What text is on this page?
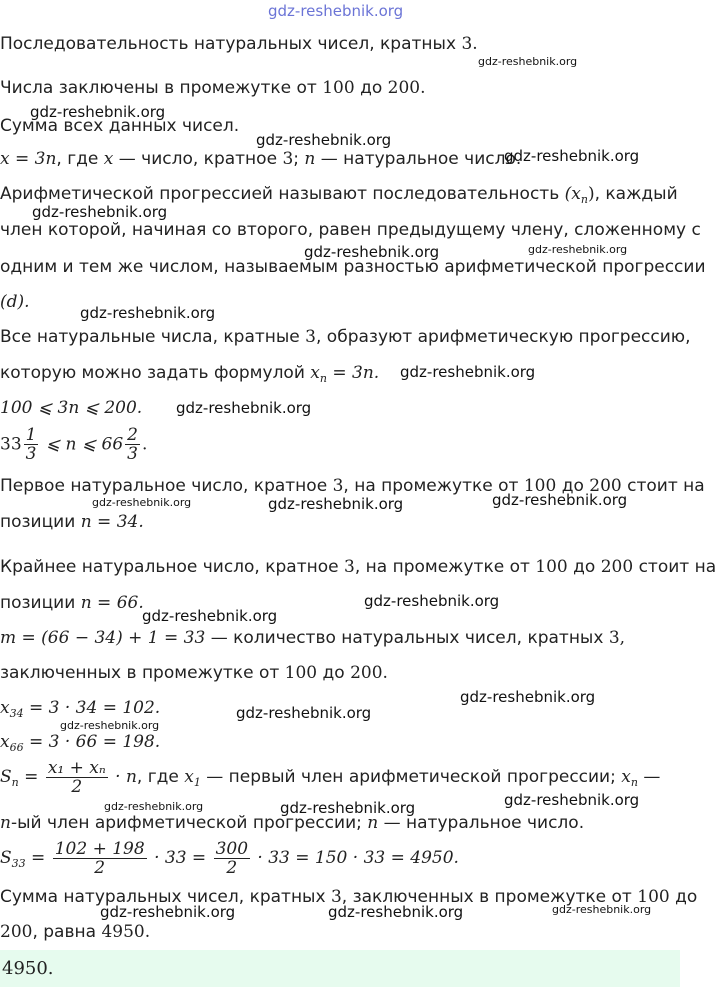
gdz-reshebnik.org
Последовательность натуральных чисел, кратных 3.
gdz-reshebnik.org
Числа заключены в промежутке от 100 до 200.
gdz-reshebnik.org
Сумма всех данных чисел.
gdz-reshebnik.org
x = 3n, где x — число, кратное 3; n — натуральное число.
gdz-reshebnik.org
Арифметической прогрессией называют последовательность $(x_n)$, каждый
gdz-reshebnik.org
член которой, начиная со второго, равен предыдущему члену, сложенному с
gdz-reshebnik.org	gdz-reshebnik.org
одним и тем же числом, называемым разностью арифметической прогрессии
(d).
gdz-reshebnik.org
Все натуральные числа, кратные 3, образуют арифметическую прогрессию,
которую можно задать формулой $x_n = 3n$. gdz-reshebnik.org
100 ⩽ 3n ⩽ 200. gdz-reshebnik.org
$33 \frac{1}{3}$ ⩽ n ⩽ $66 \frac{2}{3}$ .
Первое натуральное число, кратное 3, на промежутке от 100 до 200 стоит на
gdz-reshebnik.org	gdz-reshebnik.org	gdz-reshebnik.org
позиции n = 34.
Крайнее натуральное число, кратное 3, на промежутке от 100 до 200 стоит на
позиции n = 66.	gdz-reshebnik.org
gdz-reshebnik.org
m = (66 − 34) + 1 = 33 — количество натуральных чисел, кратных 3,
заключенных в промежутке от 100 до 200.
gdz-reshebnik.org
$x_{34} = 3 \cdot 34 = 102$.	gdz-reshebnik.org
gdz-reshebnik.org
$x_{66} = 3 \cdot 66 = 198$.
$S_n = \frac{\text{x₁ + xₙ}}{2} \cdot n$, где $x_1$ — первый член арифметической прогрессии; $x_n$ —
gdz-reshebnik.org
gdz-reshebnik.org	gdz-reshebnik.org
n-ый член арифметической прогрессии; n — натуральное число.
$S_{33} = \frac{102 + 198}{2} \cdot 33 = \frac{300}{2} \cdot 33 = 150 \cdot 33 = 4950$.
Сумма натуральных чисел, кратных 3, заключенных в промежутке от 100 до
gdz-reshebnik.org	gdz-reshebnik.org	gdz-reshebnik.org
200, равна 4950.
4950.
